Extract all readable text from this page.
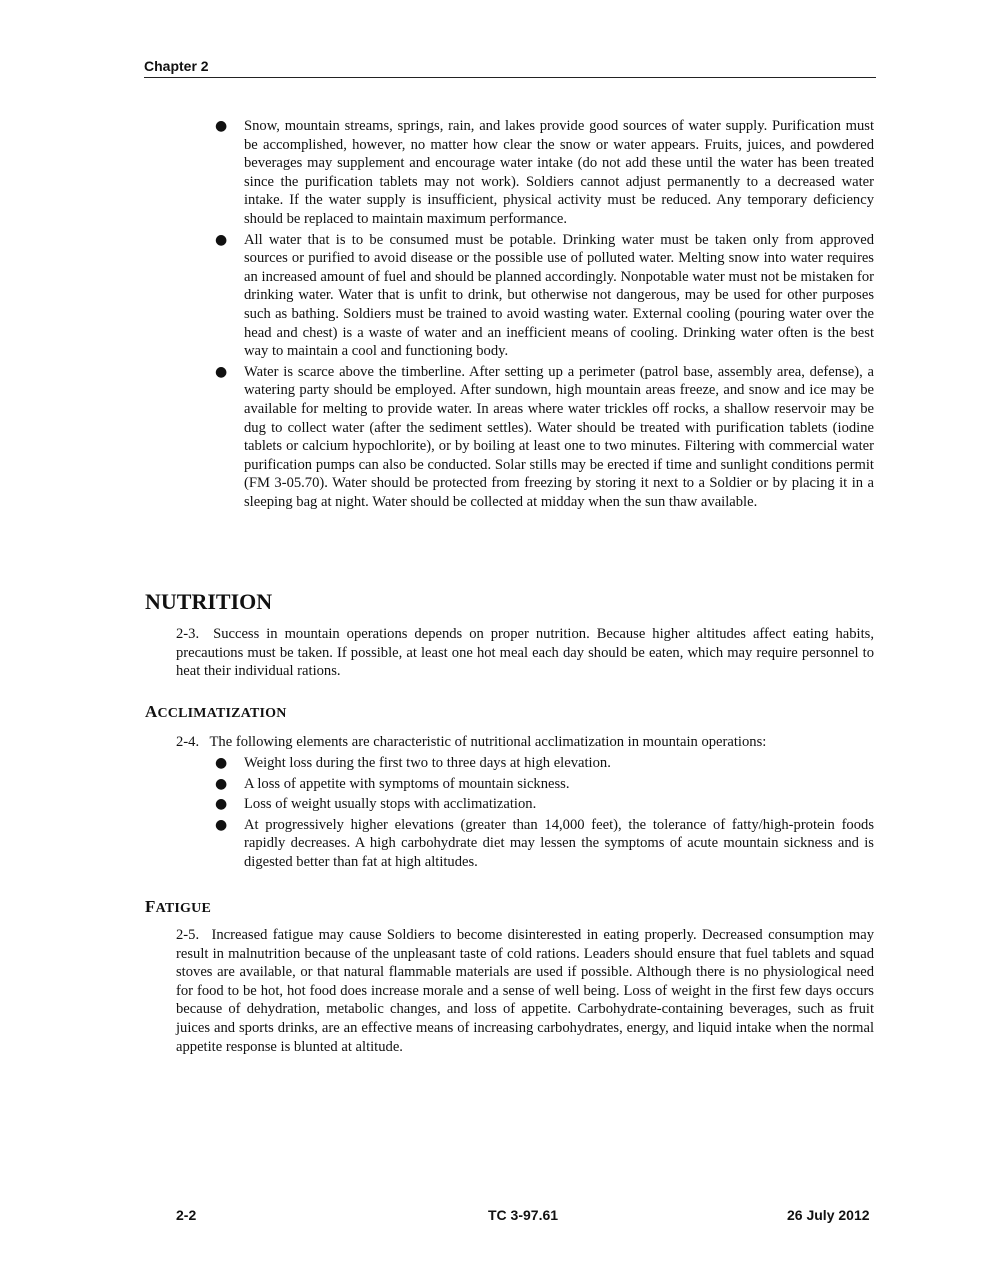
Chapter 2
● Snow, mountain streams, springs, rain, and lakes provide good sources of water supply. Purification must be accomplished, however, no matter how clear the snow or water appears. Fruits, juices, and powdered beverages may supplement and encourage water intake (do not add these until the water has been treated since the purification tablets may not work). Soldiers cannot adjust permanently to a decreased water intake. If the water supply is insufficient, physical activity must be reduced. Any temporary deficiency should be replaced to maintain maximum performance.
● All water that is to be consumed must be potable. Drinking water must be taken only from approved sources or purified to avoid disease or the possible use of polluted water. Melting snow into water requires an increased amount of fuel and should be planned accordingly. Nonpotable water must not be mistaken for drinking water. Water that is unfit to drink, but otherwise not dangerous, may be used for other purposes such as bathing. Soldiers must be trained to avoid wasting water. External cooling (pouring water over the head and chest) is a waste of water and an inefficient means of cooling. Drinking water often is the best way to maintain a cool and functioning body.
● Water is scarce above the timberline. After setting up a perimeter (patrol base, assembly area, defense), a watering party should be employed. After sundown, high mountain areas freeze, and snow and ice may be available for melting to provide water. In areas where water trickles off rocks, a shallow reservoir may be dug to collect water (after the sediment settles). Water should be treated with purification tablets (iodine tablets or calcium hypochlorite), or by boiling at least one to two minutes. Filtering with commercial water purification pumps can also be conducted. Solar stills may be erected if time and sunlight conditions permit (FM 3-05.70). Water should be protected from freezing by storing it next to a Soldier or by placing it in a sleeping bag at night. Water should be collected at midday when the sun thaw available.
NUTRITION

2-3. Success in mountain operations depends on proper nutrition. Because higher altitudes affect eating habits, precautions must be taken. If possible, at least one hot meal each day should be eaten, which may require personnel to heat their individual rations.

ACCLIMATIZATION

2-4. The following elements are characteristic of nutritional acclimatization in mountain operations:

● Weight loss during the first two to three days at high elevation.
● A loss of appetite with symptoms of mountain sickness.
● Loss of weight usually stops with acclimatization.
● At progressively higher elevations (greater than 14,000 feet), the tolerance of fatty/high-protein foods rapidly decreases. A high carbohydrate diet may lessen the symptoms of acute mountain sickness and is digested better than fat at high altitudes.
FATIGUE

2-5. Increased fatigue may cause Soldiers to become disinterested in eating properly. Decreased consumption may result in malnutrition because of the unpleasant taste of cold rations. Leaders should ensure that fuel tablets and squad stoves are available, or that natural flammable materials are used if possible. Although there is no physiological need for food to be hot, hot food does increase morale and a sense of well being. Loss of weight in the first few days occurs because of dehydration, metabolic changes, and loss of appetite. Carbohydrate-containing beverages, such as fruit juices and sports drinks, are an effective means of increasing carbohydrates, energy, and liquid intake when the normal appetite response is blunted at altitude.

2-2	TC 3-97.61	26 July 2012
